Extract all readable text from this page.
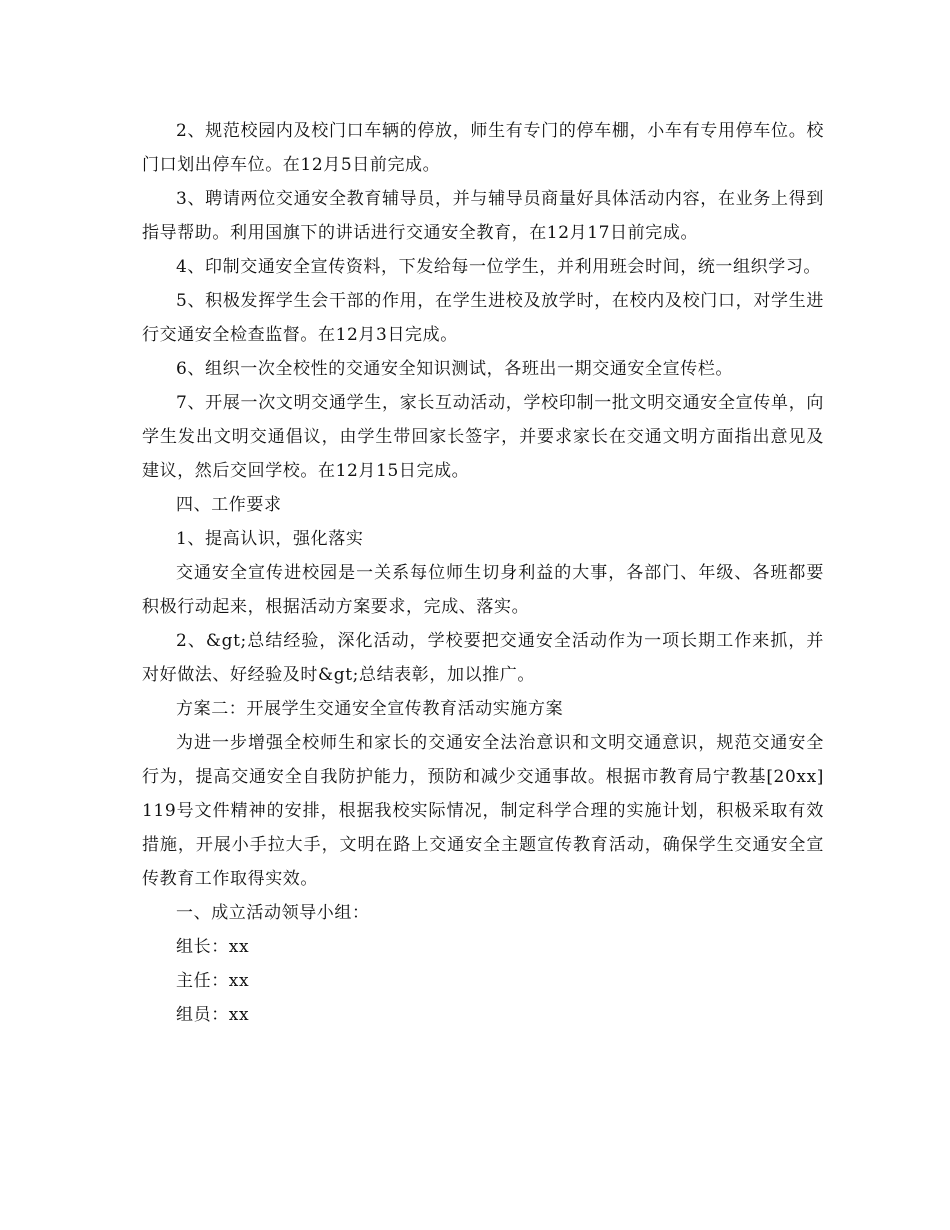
2、规范校园内及校门口车辆的停放，师生有专门的停车棚，小车有专用停车位。校门口划出停车位。在12月5日前完成。

3、聘请两位交通安全教育辅导员，并与辅导员商量好具体活动内容，在业务上得到指导帮助。利用国旗下的讲话进行交通安全教育，在12月17日前完成。

4、印制交通安全宣传资料，下发给每一位学生，并利用班会时间，统一组织学习。

5、积极发挥学生会干部的作用，在学生进校及放学时，在校内及校门口，对学生进行交通安全检查监督。在12月3日完成。

6、组织一次全校性的交通安全知识测试，各班出一期交通安全宣传栏。

7、开展一次文明交通学生，家长互动活动，学校印制一批文明交通安全宣传单，向学生发出文明交通倡议，由学生带回家长签字，并要求家长在交通文明方面指出意见及建议，然后交回学校。在12月15日完成。

四、工作要求

1、提高认识，强化落实

交通安全宣传进校园是一关系每位师生切身利益的大事，各部门、年级、各班都要积极行动起来，根据活动方案要求，完成、落实。

2、&gt;总结经验，深化活动，学校要把交通安全活动作为一项长期工作来抓，并对好做法、好经验及时&gt;总结表彰，加以推广。

方案二：开展学生交通安全宣传教育活动实施方案

为进一步增强全校师生和家长的交通安全法治意识和文明交通意识，规范交通安全行为，提高交通安全自我防护能力，预防和减少交通事故。根据市教育局宁教基[20xx]119号文件精神的安排，根据我校实际情况，制定科学合理的实施计划，积极采取有效措施，开展小手拉大手，文明在路上交通安全主题宣传教育活动，确保学生交通安全宣传教育工作取得实效。

一、成立活动领导小组：

组长：xx

主任：xx

组员：xx
